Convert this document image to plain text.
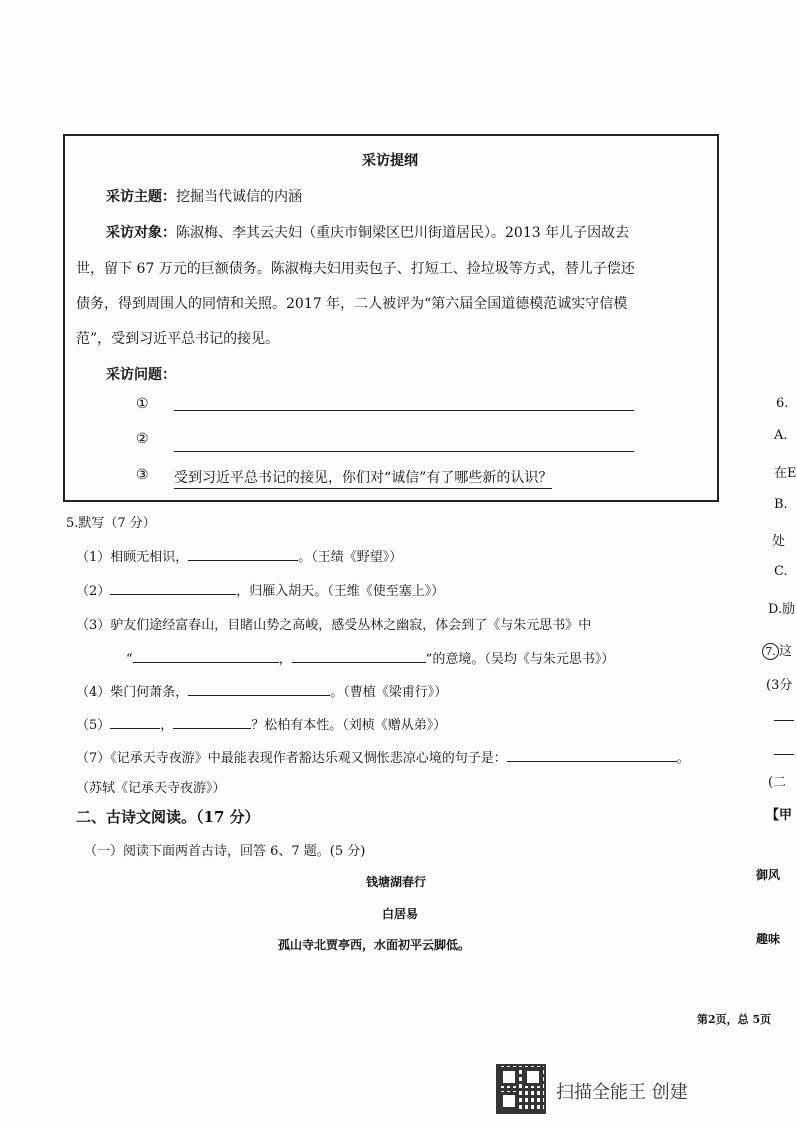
采访提纲
采访主题：挖掘当代诚信的内涵
采访对象：陈淑梅、李其云夫妇（重庆市铜梁区巴川街道居民）。2013 年儿子因故去
世，留下 67 万元的巨额债务。陈淑梅夫妇用卖包子、打短工、捡垃圾等方式，替儿子偿还
债务，得到周围人的同情和关照。2017 年，二人被评为“第六届全国道德模范诚实守信模
范”，受到习近平总书记的接见。
采访问题：
①
②
③ 受到习近平总书记的接见，你们对“诚信”有了哪些新的认识？
5.默写（7 分）
（1）相顾无相识，	。（王绩《野望》）
（2）	，归雁入胡天。（王维《使至塞上》）
（3）驴友们途经富春山，目睹山势之高峻，感受丛林之幽寂，体会到了《与朱元思书》中
“	，	”的意境。（吴均《与朱元思书》）
（4）柴门何萧条，	。（曹植《梁甫行》）
（5）	，	？松柏有本性。（刘桢《赠从弟》）
（7）《记承天寺夜游》中最能表现作者豁达乐观又惆怅悲凉心境的句子是：	。
（苏轼《记承天寺夜游》）
二、古诗文阅读。（17 分）
（一）阅读下面两首古诗，回答 6、7 题。(5 分)
钱塘湖春行
白居易
孤山寺北贾亭西，水面初平云脚低。
6.
A.
在E
B.
处
C.
D.励
7. 这
(3分
(二
【甲
御风
趣味
第2页，总 5页
扫描全能王 创建
